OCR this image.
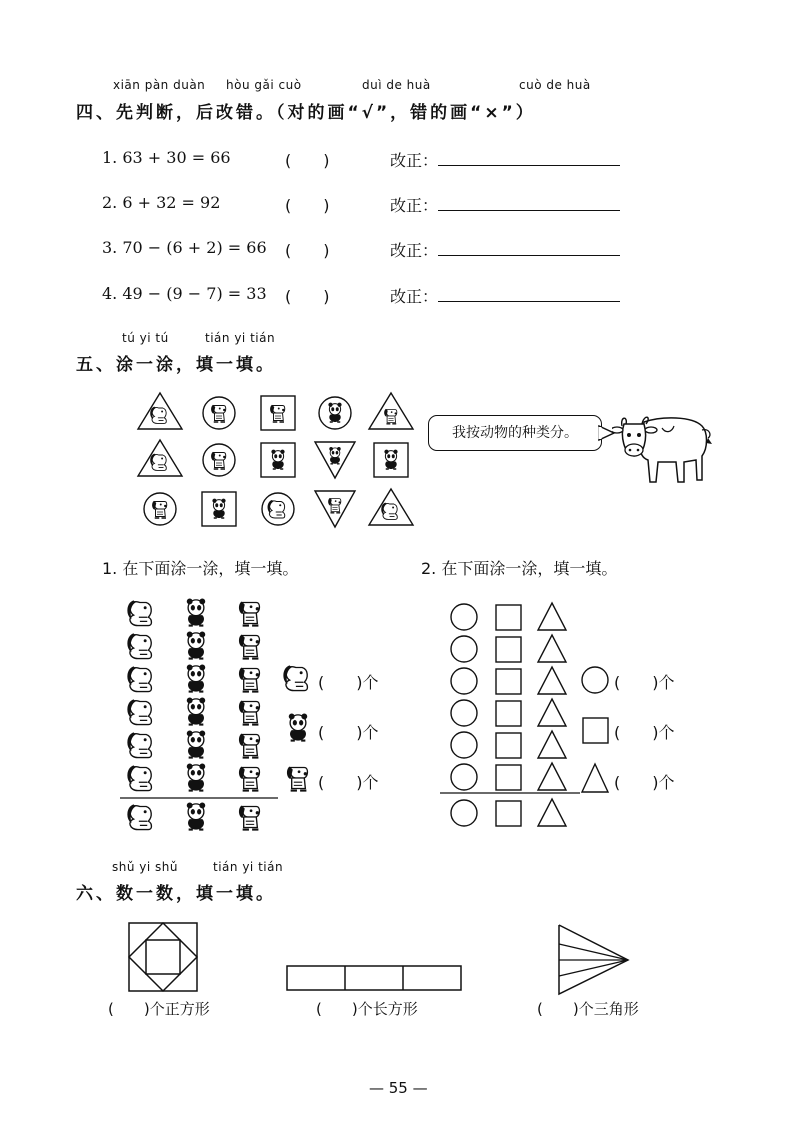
xiān pàn duàn hòu gǎi cuò	duì de huà	cuò de huà
四、先判断，后改错。（对的画“√”，错的画“×”）
1. 63 + 30 = 66	(　　)	改正：
2. 6 + 32 = 92	(　　)	改正：
3. 70 − (6 + 2) = 66 (　　)	改正：
4. 49 − (9 − 7) = 33 (　　)	改正：
tú yi tú	tián yi tián
五、涂一涂，填一填。
我按动物的种类分。
1. 在下面涂一涂，填一填。	2. 在下面涂一涂，填一填。
(　　)个
(　　)个
(　　)个
(　　)个
(　　)个
(　　)个
shǔ yi shǔ	tián yi tián
六、数一数，填一填。
(　　)个正方形	(　　)个长方形	(　　)个三角形
— 55 —
